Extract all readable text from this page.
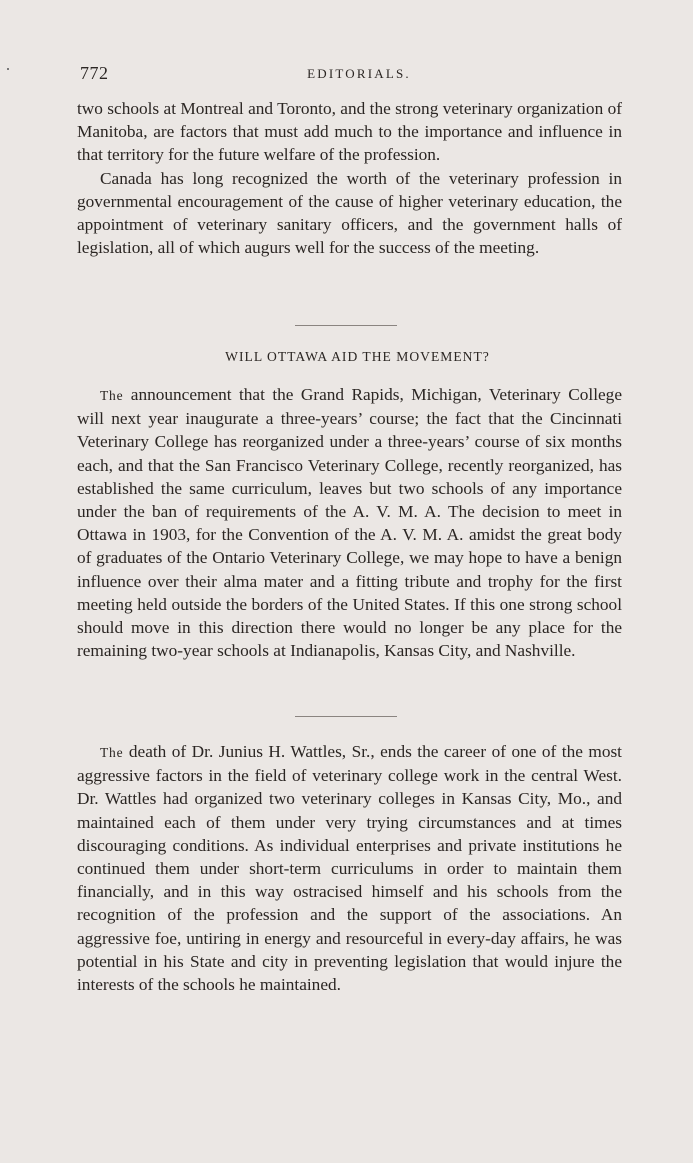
772	EDITORIALS.

two schools at Montreal and Toronto, and the strong veterinary organization of Manitoba, are factors that must add much to the importance and influence in that territory for the future welfare of the profession.

Canada has long recognized the worth of the veterinary profession in governmental encouragement of the cause of higher veterinary education, the appointment of veterinary sanitary officers, and the government halls of legislation, all of which augurs well for the success of the meeting.

WILL OTTAWA AID THE MOVEMENT?

The announcement that the Grand Rapids, Michigan, Veterinary College will next year inaugurate a three-years’ course; the fact that the Cincinnati Veterinary College has reorganized under a three-years’ course of six months each, and that the San Francisco Veterinary College, recently reorganized, has established the same curriculum, leaves but two schools of any importance under the ban of requirements of the A. V. M. A. The decision to meet in Ottawa in 1903, for the Convention of the A. V. M. A. amidst the great body of graduates of the Ontario Veterinary College, we may hope to have a benign influence over their alma mater and a fitting tribute and trophy for the first meeting held outside the borders of the United States. If this one strong school should move in this direction there would no longer be any place for the remaining two-year schools at Indianapolis, Kansas City, and Nashville.

The death of Dr. Junius H. Wattles, Sr., ends the career of one of the most aggressive factors in the field of veterinary college work in the central West. Dr. Wattles had organized two veterinary colleges in Kansas City, Mo., and maintained each of them under very trying circumstances and at times discouraging conditions. As individual enterprises and private institutions he continued them under short-term curriculums in order to maintain them financially, and in this way ostracised himself and his schools from the recognition of the profession and the support of the associations. An aggressive foe, untiring in energy and resourceful in every-day affairs, he was potential in his State and city in preventing legislation that would injure the interests of the schools he maintained.
